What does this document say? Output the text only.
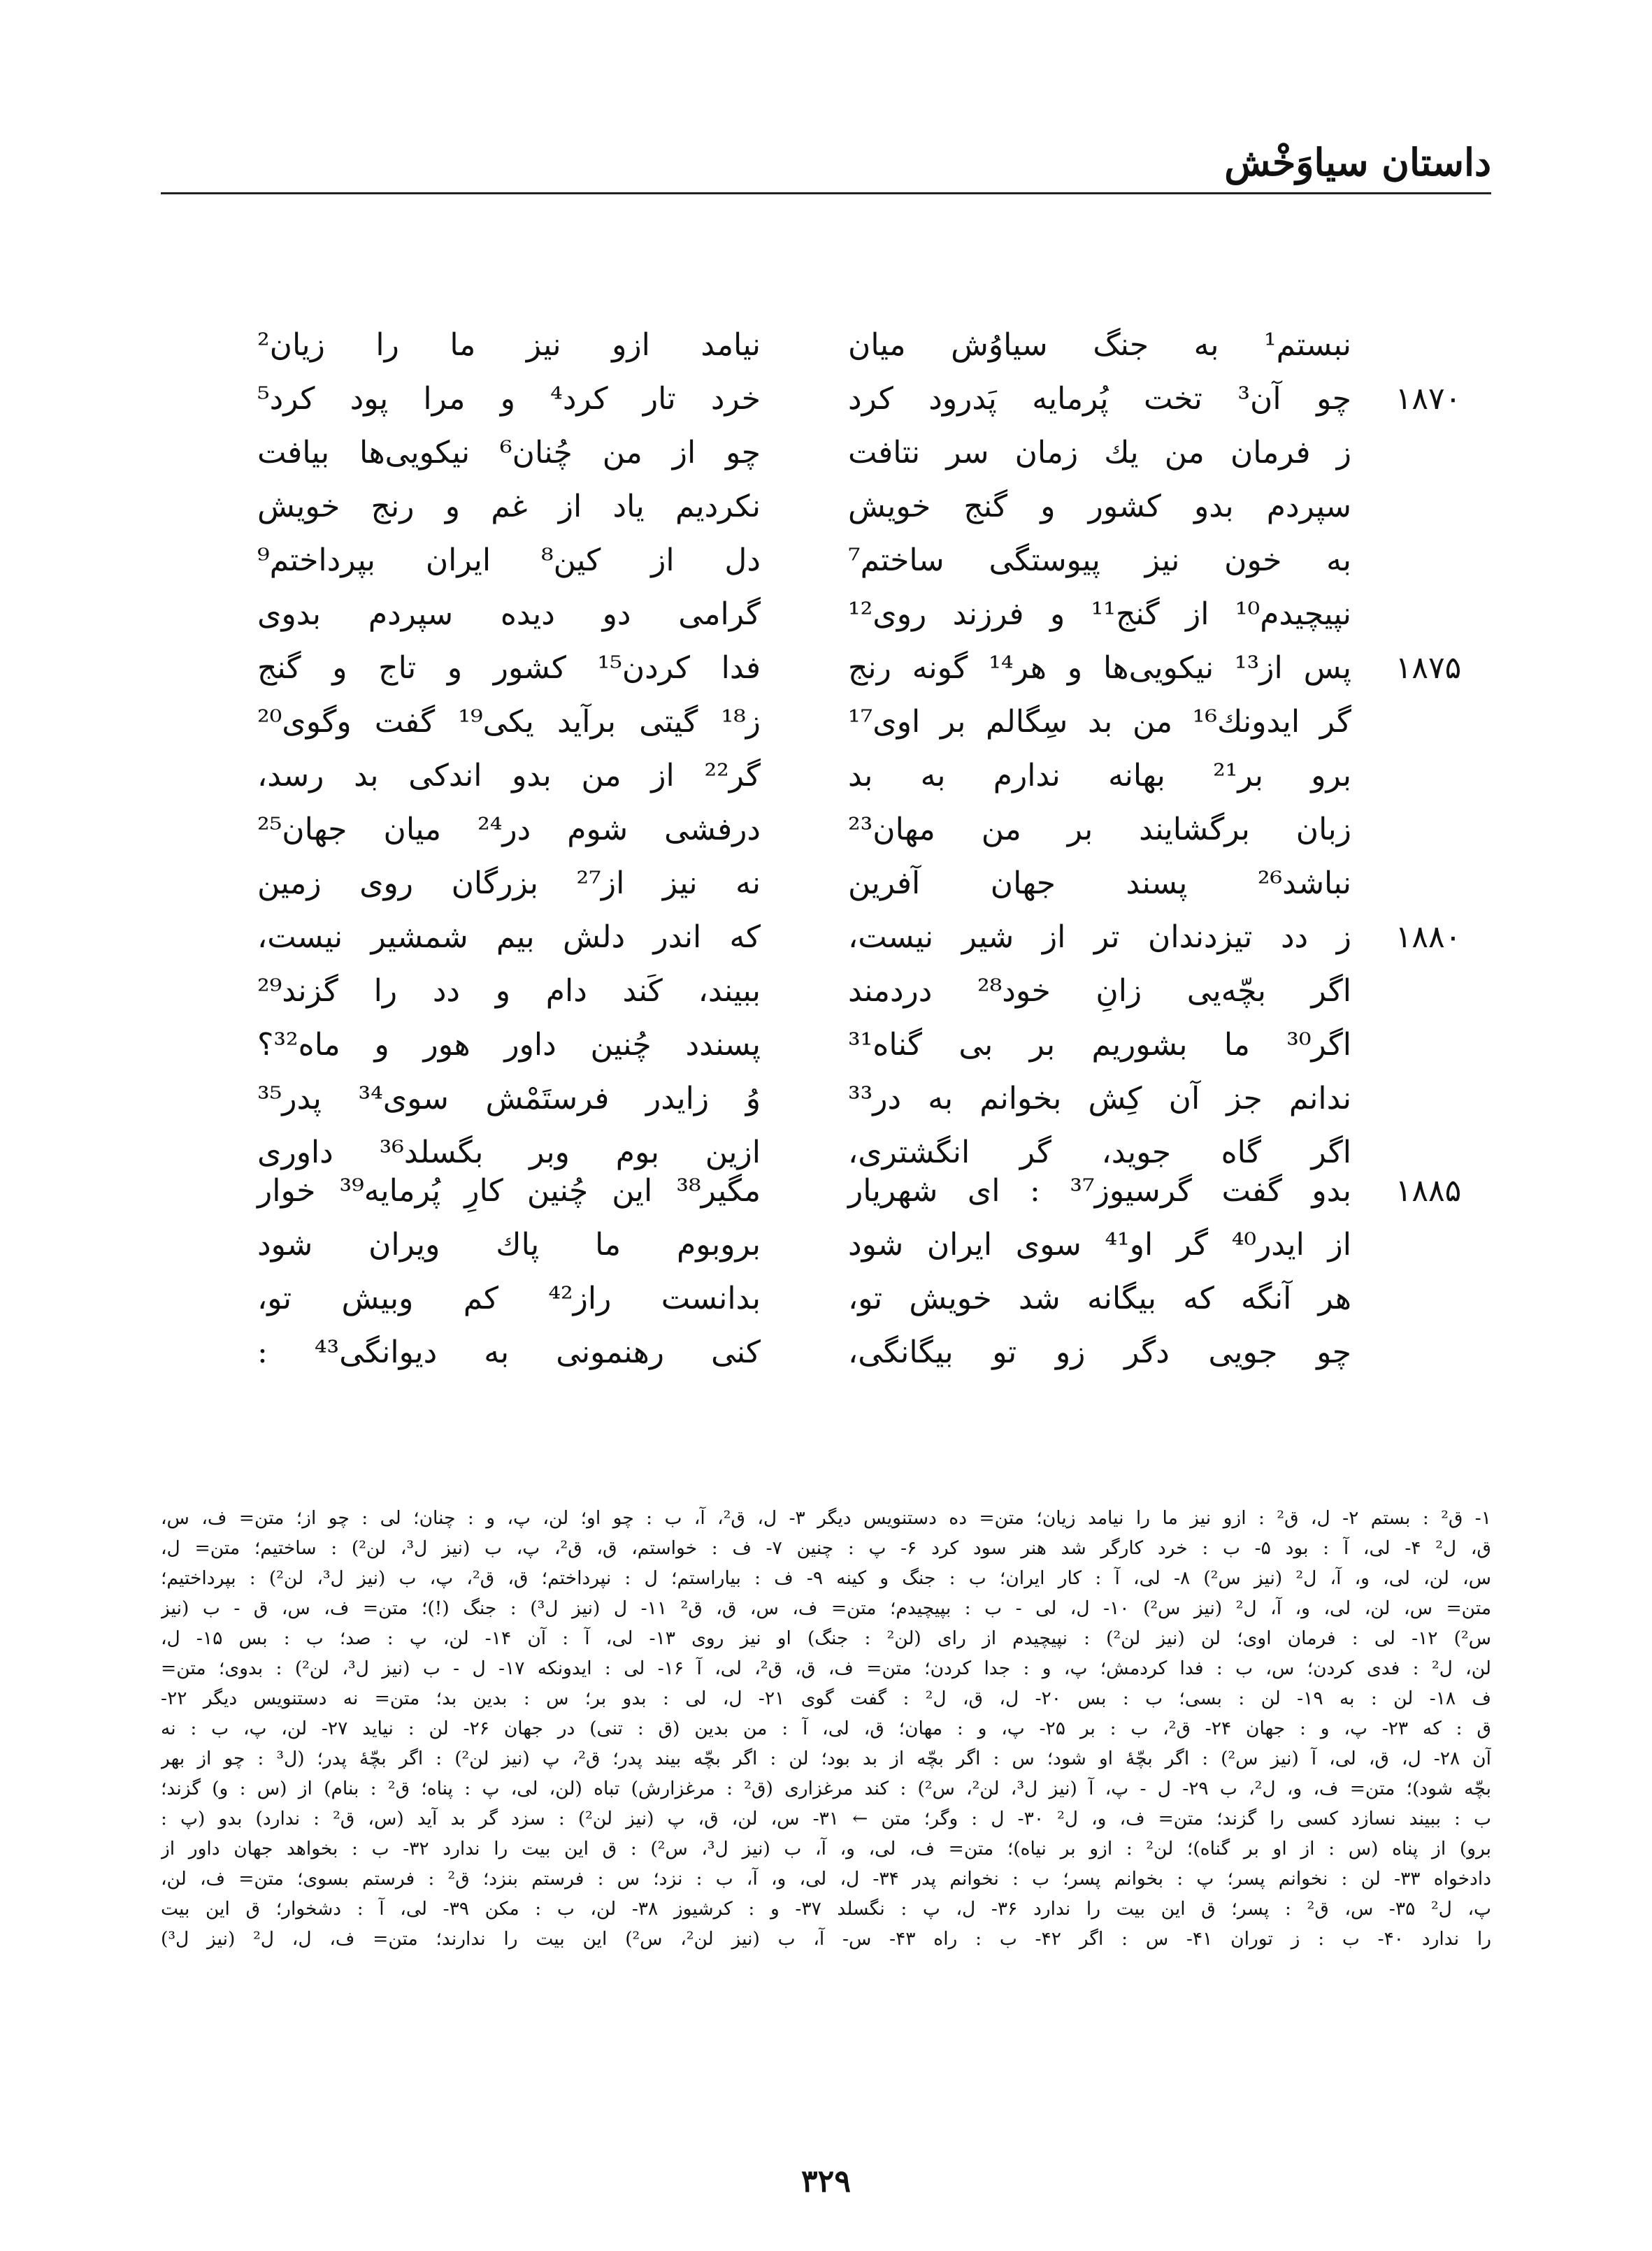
داستان سیاوَخْش
۱۸۷۰
۱۸۷۵
۱۸۸۰
۱۸۸۵
نبستم¹ به جنگ سیاوُش میان
چو آن³ تخت پُرمایه پَدرود کرد
ز فرمان من یك زمان سر نتافت
سپردم بدو کشور و گنج خویش
به خون نیز پیوستگی ساختم⁷
نپیچیدم¹⁰ از گنج¹¹ و فرزند روی¹²
پس از¹³ نیکویی‌ها و هر¹⁴ گونه رنج
گر ایدونك¹⁶ من بد سِگالم بر اوی¹⁷
برو بر²¹ بهانه ندارم به بد
زبان برگشایند بر من مهان²³
نباشد²⁶ پسند جهان آفرین
ز دد تیزدندان تر از شیر نیست،
اگر بچّه‌یی زانِ خود²⁸ دردمند
اگر³⁰ ما بشوریم بر بی گناه³¹
ندانم جز آن کِش بخوانم به در³³
اگر گاه جوید، گر انگشتری،
نیامد ازو نیز ما را زیان²
خرد تار کرد⁴ و مرا پود کرد⁵
چو از من چُنان⁶ نیکویی‌ها بیافت
نکردیم یاد از غم و رنج خویش
دل از کین⁸ ایران بپرداختم⁹
گرامی دو دیده سپردم بدوی
فدا کردن¹⁵ کشور و تاج و گنج
ز¹⁸ گیتی برآید یکی¹⁹ گفت وگوی²⁰
گر²² از من بدو اندکی بد رسد،
درفشی شوم در²⁴ میان جهان²⁵
نه نیز از²⁷ بزرگان روی زمین
که اندر دلش بیم شمشیر نیست،
ببیند، کَند دام و دد را گزند²⁹
پسندد چُنین داور هور و ماه³²؟
وُ زایدر فرستَمْش سوی³⁴ پدر³⁵
ازین بوم وبر بگسلد³⁶ داوری
بدو گفت گرسیوز³⁷ : ای شهریار
از ایدر⁴⁰ گر او⁴¹ سوی ایران شود
هر آنگه که بیگانه شد خویش تو،
چو جویی دگر زو تو بیگانگی،
مگیر³⁸ این چُنین کارِ پُرمایه³⁹ خوار
بروبوم ما پاك ویران شود
بدانست راز⁴² کم وبیش تو،
کنی رهنمونی به دیوانگی⁴³ :

۱- ق² : بستم ۲- ل، ق² : ازو نیز ما را نیامد زیان؛ متن= ده دستنویس دیگر ۳- ل، ق²، آ، ب : چو او؛ لن، پ، و : چنان؛ لی : چو از؛ متن= ف، س،

ق، ل² ۴- لی، آ : بود ۵- ب : خرد کارگر شد هنر سود کرد ۶- پ : چنین ۷- ف : خواستم، ق، ق²، پ، ب (نیز ل³، لن²) : ساختیم؛ متن= ل،

س، لن، لی، و، آ، ل² (نیز س²) ۸- لی، آ : کار ایران؛ ب : جنگ و کینه ۹- ف : بیاراستم؛ ل : نپرداختم؛ ق، ق²، پ، ب (نیز ل³، لن²) : بپرداختیم؛

متن= س، لن، لی، و، آ، ل² (نیز س²) ۱۰- ل، لی - ب : بپیچیدم؛ متن= ف، س، ق، ق² ۱۱- ل (نیز ل³) : جنگ (!)؛ متن= ف، س، ق - ب (نیز

س²) ۱۲- لی : فرمان اوی؛ لن (نیز لن²) : نپیچیدم از رای (لن² : جنگ) او نیز روی ۱۳- لی، آ : آن ۱۴- لن، پ : صد؛ ب : بس ۱۵- ل،

لن، ل² : فدی کردن؛ س، ب : فدا کردمش؛ پ، و : جدا کردن؛ متن= ف، ق، ق²، لی، آ ۱۶- لی : ایدونکه ۱۷- ل - ب (نیز ل³، لن²) : بدوی؛ متن=

ف ۱۸- لن : به ۱۹- لن : بسی؛ ب : بس ۲۰- ل، ق، ل² : گفت گوی ۲۱- ل، لی : بدو بر؛ س : بدین بد؛ متن= نه دستنویس دیگر ۲۲-

ق : که ۲۳- پ، و : جهان ۲۴- ق²، ب : بر ۲۵- پ، و : مهان؛ ق، لی، آ : من بدین (ق : تنی) در جهان ۲۶- لن : نیاید ۲۷- لن، پ، ب : نه

آن ۲۸- ل، ق، لی، آ (نیز س²) : اگر بچّهٔ او شود؛ س : اگر بچّه از بد بود؛ لن : اگر بچّه بیند پدر؛ ق²، پ (نیز لن²) : اگر بچّهٔ پدر؛ (ل³ : چو از بهر

بچّه شود)؛ متن= ف، و، ل²، ب ۲۹- ل - پ، آ (نیز ل³، لن²، س²) : کند مرغزاری (ق² : مرغزارش) تباه (لن، لی، پ : پناه؛ ق² : بنام) از (س : و) گزند؛

ب : ببیند نسازد کسی را گزند؛ متن= ف، و، ل² ۳۰- ل : وگر؛ متن ← ۳۱- س، لن، ق، پ (نیز لن²) : سزد گر بد آید (س، ق² : ندارد) بدو (پ :

برو) از پناه (س : از او بر گناه)؛ لن² : ازو بر نیاه)؛ متن= ف، لی، و، آ، ب (نیز ل³، س²) : ق این بیت را ندارد ۳۲- ب : بخواهد جهان داور از

دادخواه ۳۳- لن : نخوانم پسر؛ پ : بخوانم پسر؛ ب : نخوانم پدر ۳۴- ل، لی، و، آ، ب : نزد؛ س : فرستم بنزد؛ ق² : فرستم بسوی؛ متن= ف، لن،

پ، ل² ۳۵- س، ق² : پسر؛ ق این بیت را ندارد ۳۶- ل، پ : نگسلد ۳۷- و : کرشیوز ۳۸- لن، ب : مکن ۳۹- لی، آ : دشخوار؛ ق این بیت

را ندارد ۴۰- ب : ز توران ۴۱- س : اگر ۴۲- ب : راه ۴۳- س- آ، ب (نیز لن²، س²) این بیت را ندارند؛ متن= ف، ل، ل² (نیز ل³)

۳۲۹
